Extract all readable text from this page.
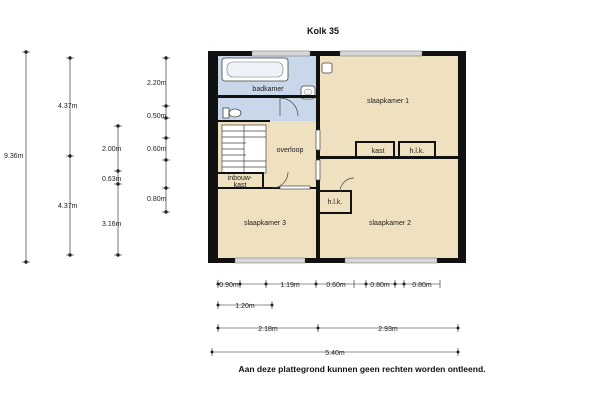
Kolk 35
badkamer
slaapkamer 1
overloop	kast	h.l.k.
inbouw-
kast
h.l.k.
slaapkamer 3	slaapkamer 2
9.36m
4.37m
4.37m
2.00m
0.63m
3.16m
2.20m
0.50m
0.60m
0.80m
0.90m	1.19m	0.60m	0.80m	0.80m
1.20m
2.18m	2.93m
5.40m
Aan deze plattegrond kunnen geen rechten worden ontleend.
